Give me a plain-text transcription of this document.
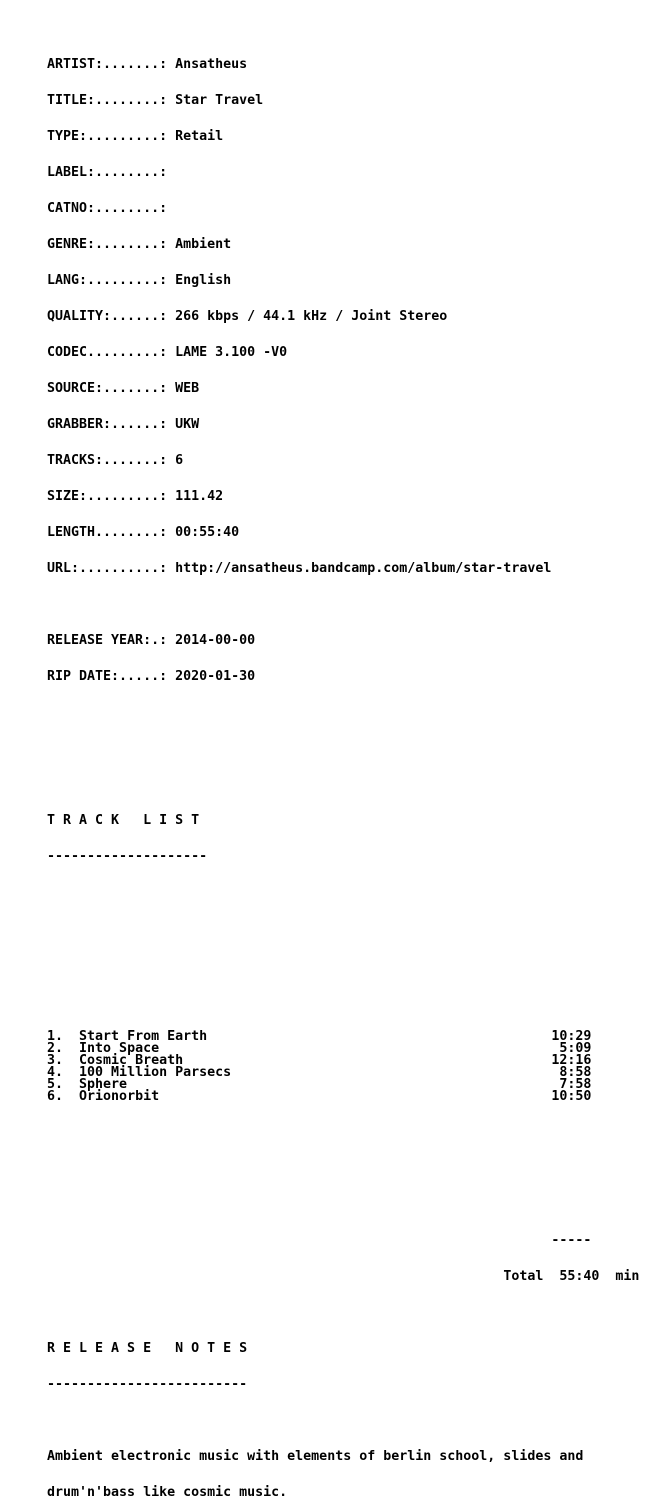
ARTIST:.......: Ansatheus

TITLE:........: Star Travel

TYPE:.........: Retail

LABEL:........:

CATNO:........:

GENRE:........: Ambient

LANG:.........: English

QUALITY:......: 266 kbps / 44.1 kHz / Joint Stereo

CODEC.........: LAME 3.100 -V0

SOURCE:.......: WEB

GRABBER:......: UKW

TRACKS:.......: 6

SIZE:.........: 111.42

LENGTH........: 00:55:40

URL:..........: http://ansatheus.bandcamp.com/album/star-travel

RELEASE YEAR:.: 2014-00-00

RIP DATE:.....: 2020-01-30

T R A C K   L I S T

--------------------

1.  Start From Earth                                           10:29
2.  Into Space                                                  5:09
3.  Cosmic Breath                                              12:16
4.  100 Million Parsecs                                         8:58
5.  Sphere                                                      7:58
6.  Orionorbit                                                 10:50

-----

Total 55:40 min

R E L E A S E   N O T E S

-------------------------

Ambient electronic music with elements of berlin school, slides and

drum'n'bass like cosmic music.
